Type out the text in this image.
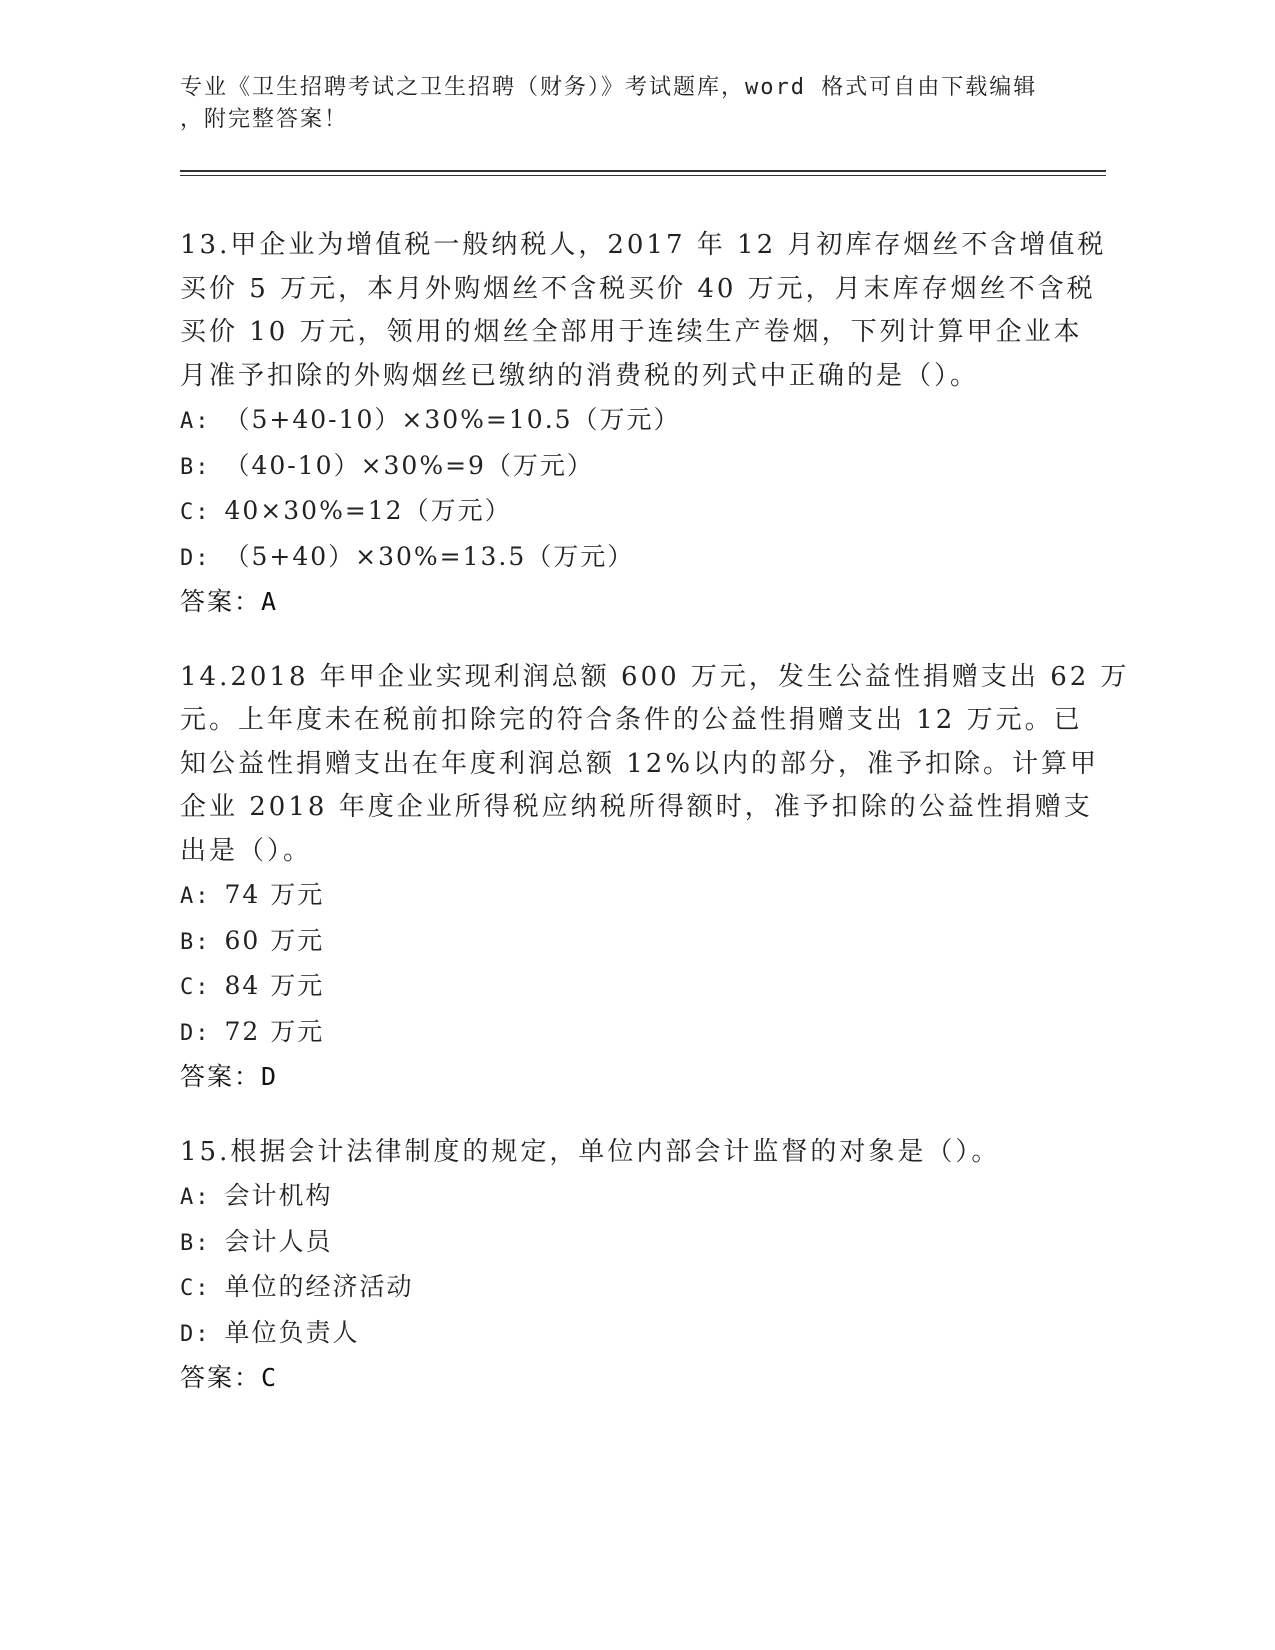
专业《卫生招聘考试之卫生招聘（财务）》考试题库，word 格式可自由下载编辑
，附完整答案！
13.甲企业为增值税一般纳税人，2017 年 12 月初库存烟丝不含增值税
买价 5 万元，本月外购烟丝不含税买价 40 万元，月末库存烟丝不含税
买价 10 万元，领用的烟丝全部用于连续生产卷烟，下列计算甲企业本
月准予扣除的外购烟丝已缴纳的消费税的列式中正确的是（）。
A: （5+40-10）×30%=10.5（万元）
B: （40-10）×30%=9（万元）
C: 40×30%=12（万元）
D: （5+40）×30%=13.5（万元）
答案：A
14.2018 年甲企业实现利润总额 600 万元，发生公益性捐赠支出 62 万
元。上年度未在税前扣除完的符合条件的公益性捐赠支出 12 万元。已
知公益性捐赠支出在年度利润总额 12%以内的部分，准予扣除。计算甲
企业 2018 年度企业所得税应纳税所得额时，准予扣除的公益性捐赠支
出是（）。
A: 74 万元
B: 60 万元
C: 84 万元
D: 72 万元
答案：D
15.根据会计法律制度的规定，单位内部会计监督的对象是（）。
A: 会计机构
B: 会计人员
C: 单位的经济活动
D: 单位负责人
答案：C
